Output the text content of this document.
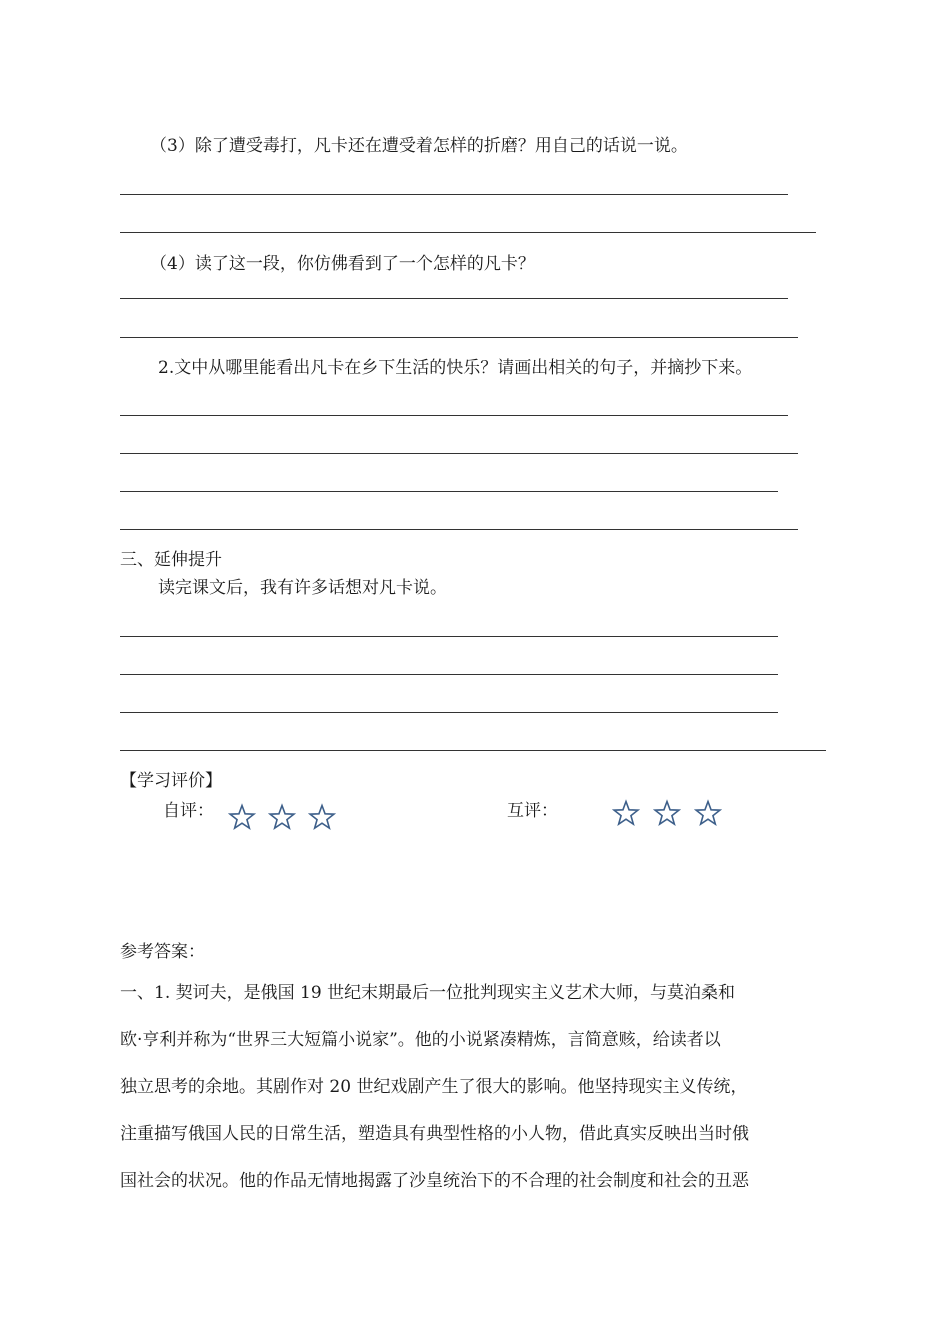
（3）除了遭受毒打，凡卡还在遭受着怎样的折磨？用自己的话说一说。
（4）读了这一段，你仿佛看到了一个怎样的凡卡？
2.文中从哪里能看出凡卡在乡下生活的快乐？请画出相关的句子，并摘抄下来。
三、延伸提升
读完课文后，我有许多话想对凡卡说。
【学习评价】
自评：	互评：
参考答案：
一、1. 契诃夫，是俄国 19 世纪末期最后一位批判现实主义艺术大师，与莫泊桑和
欧·亨利并称为“世界三大短篇小说家”。他的小说紧凑精炼，言简意赅，给读者以
独立思考的余地。其剧作对 20 世纪戏剧产生了很大的影响。他坚持现实主义传统，
注重描写俄国人民的日常生活，塑造具有典型性格的小人物，借此真实反映出当时俄
国社会的状况。他的作品无情地揭露了沙皇统治下的不合理的社会制度和社会的丑恶
